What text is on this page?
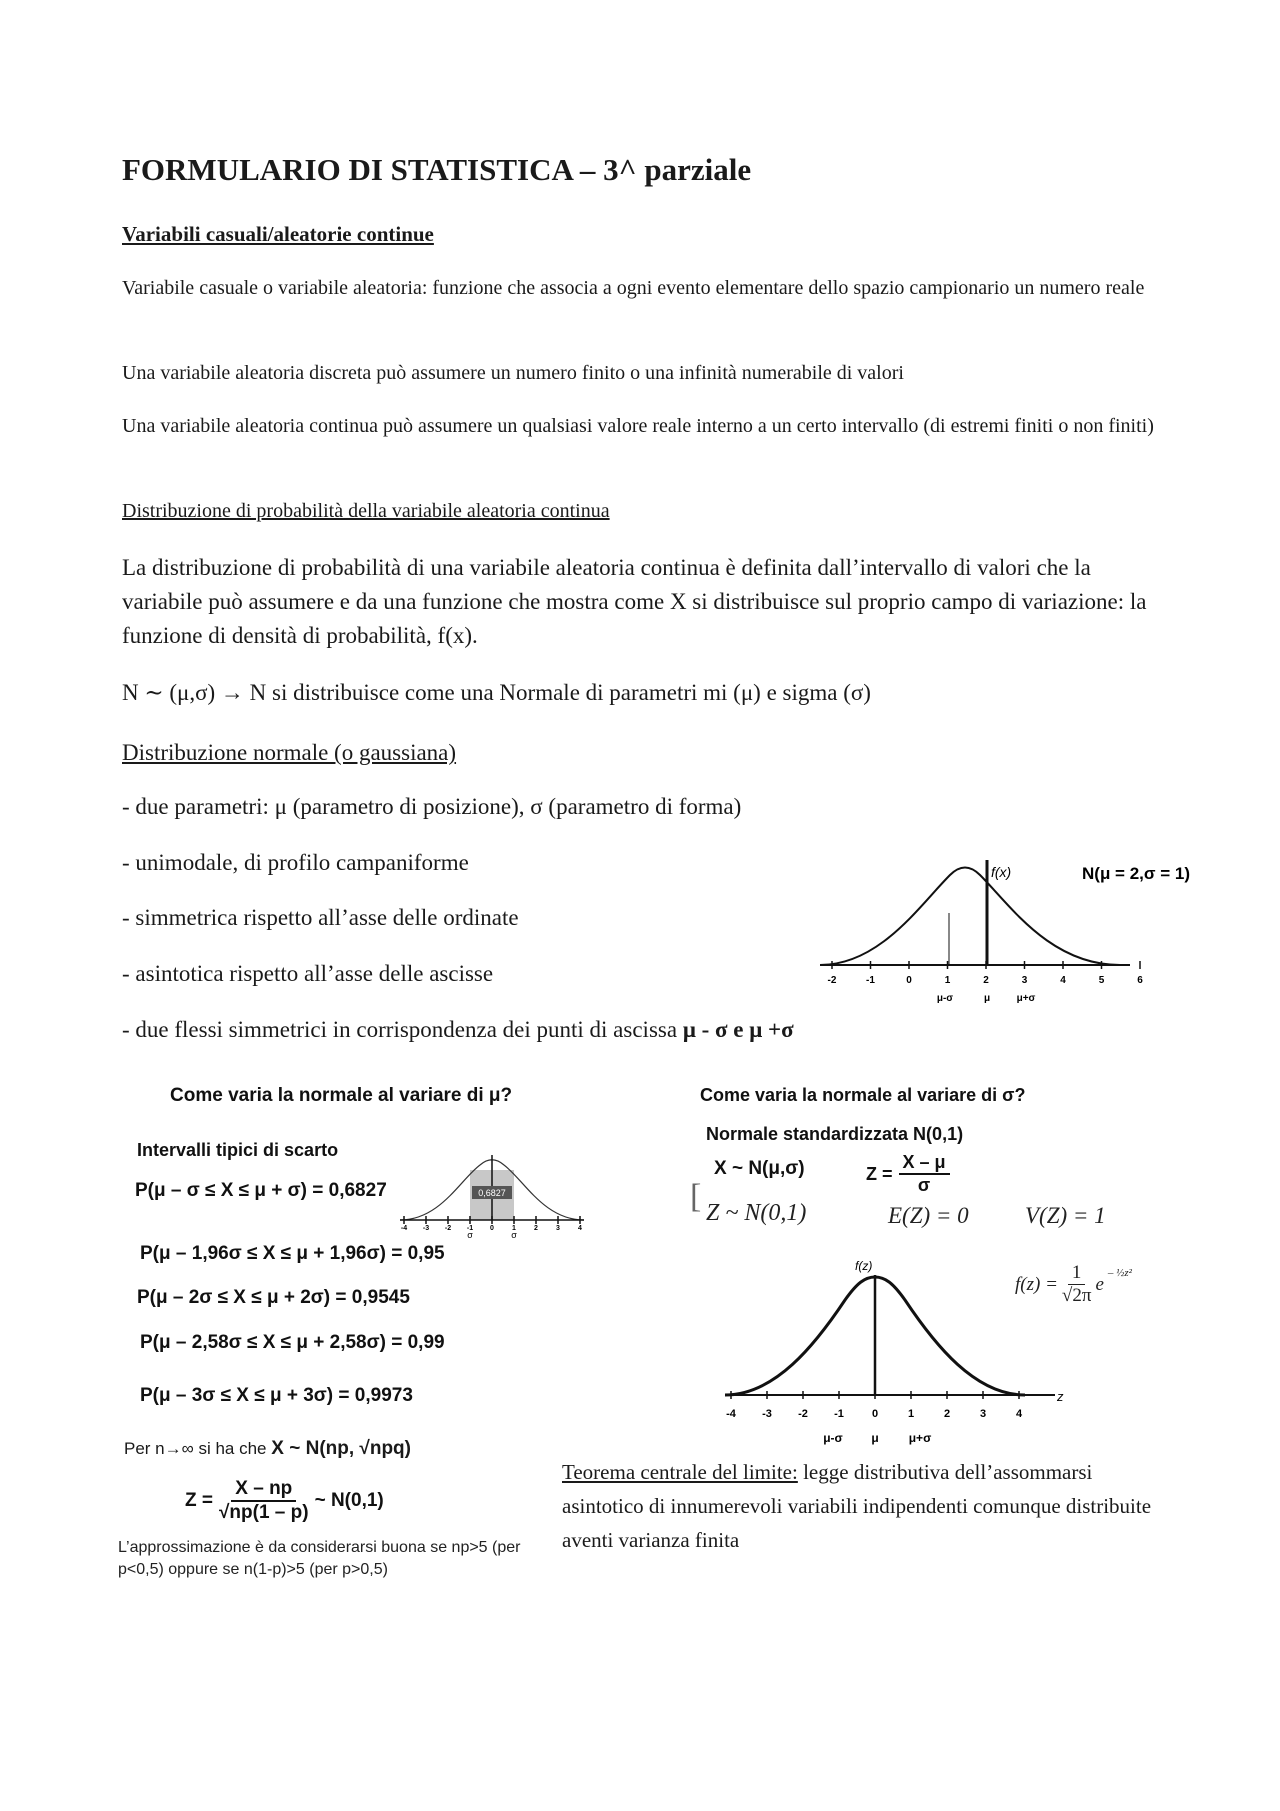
FORMULARIO DI STATISTICA – 3^ parziale
Variabili casuali/aleatorie continue
Variabile casuale o variabile aleatoria: funzione che associa a ogni evento elementare dello spazio campionario un numero reale
Una variabile aleatoria discreta può assumere un numero finito o una infinità numerabile di valori
Una variabile aleatoria continua può assumere un qualsiasi valore reale interno a un certo intervallo (di estremi finiti o non finiti)
Distribuzione di probabilità della variabile aleatoria continua
La distribuzione di probabilità di una variabile aleatoria continua è definita dall’intervallo di valori che la variabile può assumere e da una funzione che mostra come X si distribuisce sul proprio campo di variazione: la funzione di densità di probabilità, f(x).
N ∼ (μ,σ) → N si distribuisce come una Normale di parametri mi (μ) e sigma (σ)
Distribuzione normale (o gaussiana)
- due parametri: μ (parametro di posizione), σ (parametro di forma)
- unimodale, di profilo campaniforme
- simmetrica rispetto all’asse delle ordinate
- asintotica rispetto all’asse delle ascisse
- due flessi simmetrici in corrispondenza dei punti di ascissa μ - σ e μ +σ
f(x)	N(μ = 2,σ = 1)
-2	-1	0	1	2	3	4	5	6
μ-σ	μ	μ+σ
Come varia la normale al variare di μ?
Intervalli tipici di scarto
P(μ – σ ≤ X ≤ μ + σ) = 0,6827
P(μ – 1,96σ ≤ X ≤ μ + 1,96σ) = 0,95
P(μ – 2σ ≤ X ≤ μ + 2σ) = 0,9545
P(μ – 2,58σ ≤ X ≤ μ + 2,58σ) = 0,99
P(μ – 3σ ≤ X ≤ μ + 3σ) = 0,9973
0,6827
-4 -3 -2 -1 0	1	2	3	4
σ	σ
Per n→∞ si ha che X ~ N(np, √npq)
$Z = \frac{X - np}{√np(1 - p)}$ ~ N(0,1)
L’approssimazione è da considerarsi buona se np>5 (per p<0,5) oppure se n(1-p)>5 (per p>0,5)
Come varia la normale al variare di σ?
Normale standardizzata N(0,1)
X ~ N(μ,σ)	$Z = \frac{X - \mu}{\sigma}$
[ Z ~ N(0,1)	E(Z) = 0 V(Z) = 1
$f(z) = \frac{1}{√2\pi}$ e
– ½z²
f(z)
-4 -3 -2 -1	0	1	2	3	4
z
μ-σ μ	μ+σ
Teorema centrale del limite: legge distributiva dell’assommarsi asintotico di innumerevoli variabili indipendenti comunque distribuite aventi varianza finita
